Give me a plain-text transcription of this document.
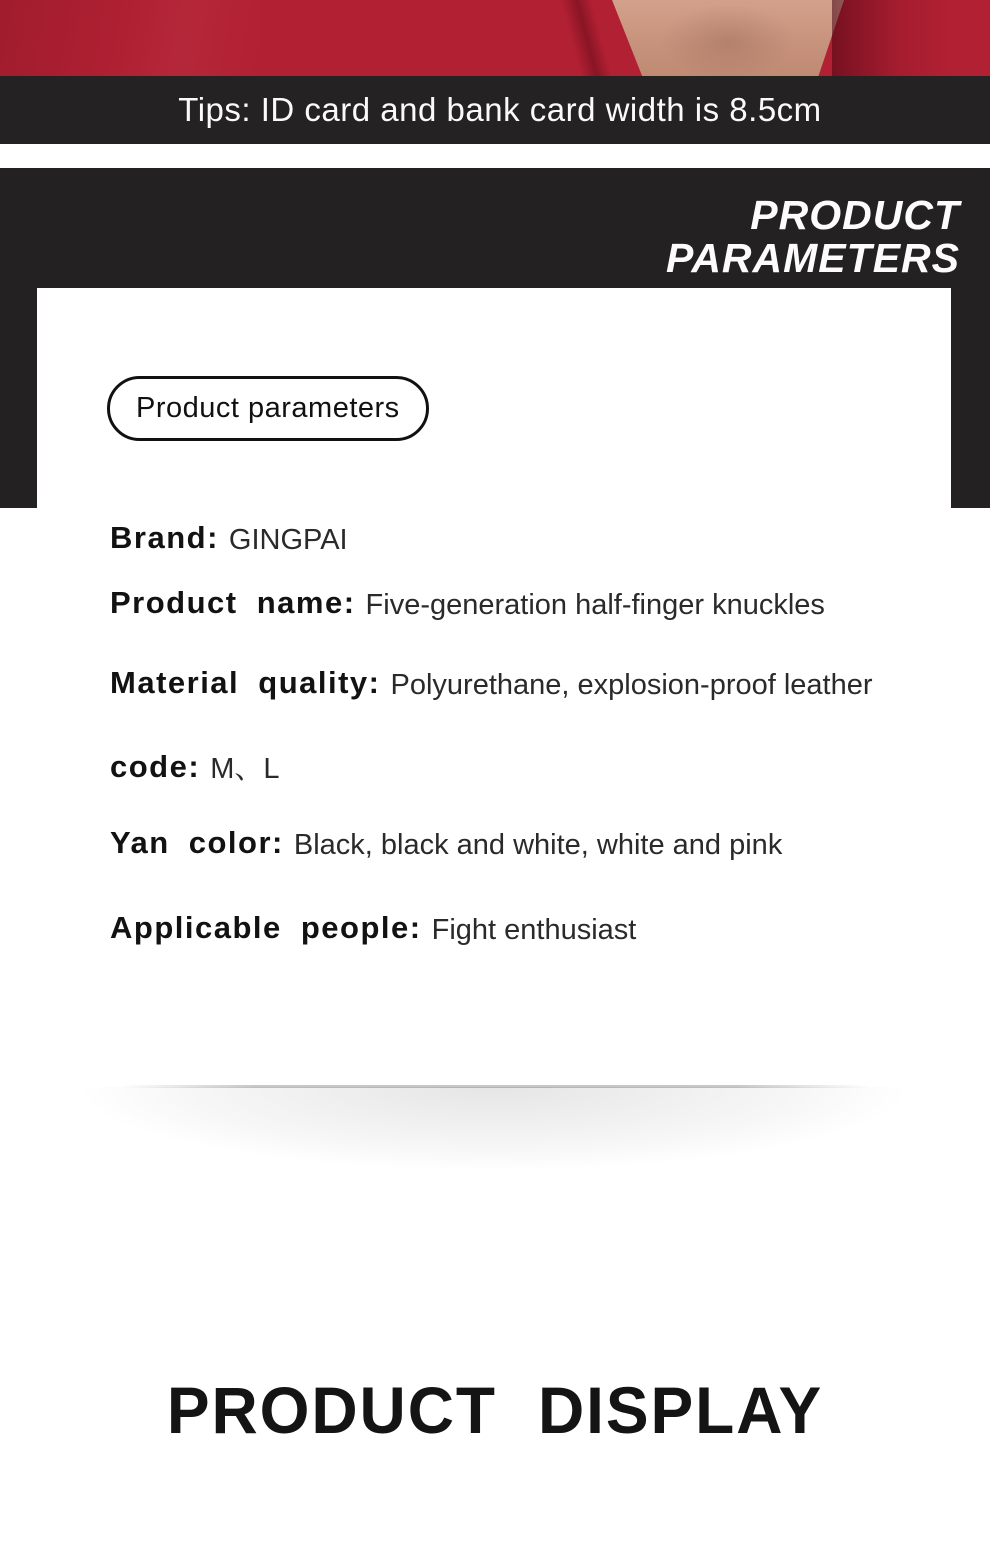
Tips: ID card and bank card width is 8.5cm
PRODUCT
PARAMETERS
Product parameters
Brand: GINGPAI
Product name: Five-generation half-finger knuckles
Material quality: Polyurethane, explosion-proof leather
code: M、L
Yan color: Black, black and white, white and pink
Applicable people: Fight enthusiast
PRODUCT DISPLAY
